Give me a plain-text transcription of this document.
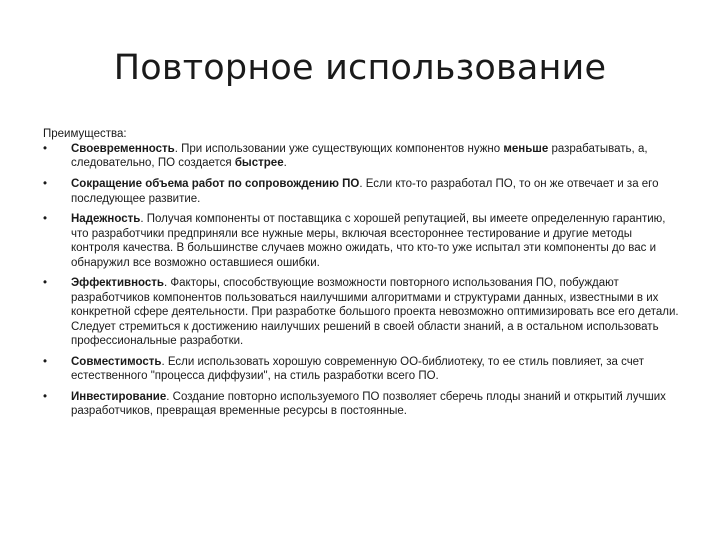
Повторное использование

Преимущества:

•	Своевременность. При использовании уже существующих компонентов нужно меньше разрабатывать, а, следовательно, ПО создается быстрее.
•	Сокращение объема работ по сопровождению ПО. Если кто-то разработал ПО, то он же отвечает и за его последующее развитие.
•	Надежность. Получая компоненты от поставщика с хорошей репутацией, вы имеете определенную гарантию, что разработчики предприняли все нужные меры, включая всестороннее тестирование и другие методы контроля качества. В большинстве случаев можно ожидать, что кто-то уже испытал эти компоненты до вас и обнаружил все возможно оставшиеся ошибки.
•	Эффективность. Факторы, способствующие возможности повторного использования ПО, побуждают разработчиков компонентов пользоваться наилучшими алгоритмами и структурами данных, известными в их конкретной сфере деятельности. При разработке большого проекта невозможно оптимизировать все его детали. Следует стремиться к достижению наилучших решений в своей области знаний, а в остальном использовать профессиональные разработки.
•	Совместимость. Если использовать хорошую современную ОО-библиотеку, то ее стиль повлияет, за счет естественного "процесса диффузии", на стиль разработки всего ПО.
•	Инвестирование. Создание повторно используемого ПО позволяет сберечь плоды знаний и открытий лучших разработчиков, превращая временные ресурсы в постоянные.
